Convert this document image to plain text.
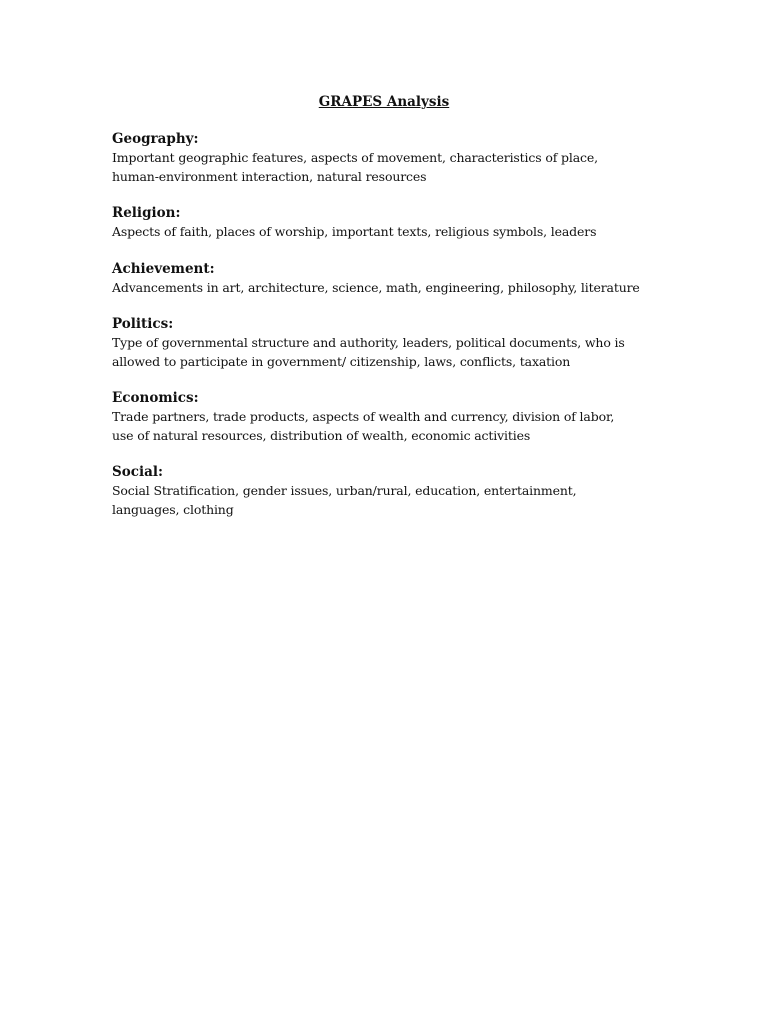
GRAPES Analysis
Geography:
Important geographic features, aspects of movement, characteristics of place,
human-environment interaction, natural resources
Religion:
Aspects of faith, places of worship, important texts, religious symbols, leaders
Achievement:
Advancements in art, architecture, science, math, engineering, philosophy, literature
Politics:
Type of governmental structure and authority, leaders, political documents, who is
allowed to participate in government/ citizenship, laws, conflicts, taxation
Economics:
Trade partners, trade products, aspects of wealth and currency, division of labor,
use of natural resources, distribution of wealth, economic activities
Social:
Social Stratification, gender issues, urban/rural, education, entertainment,
languages, clothing
